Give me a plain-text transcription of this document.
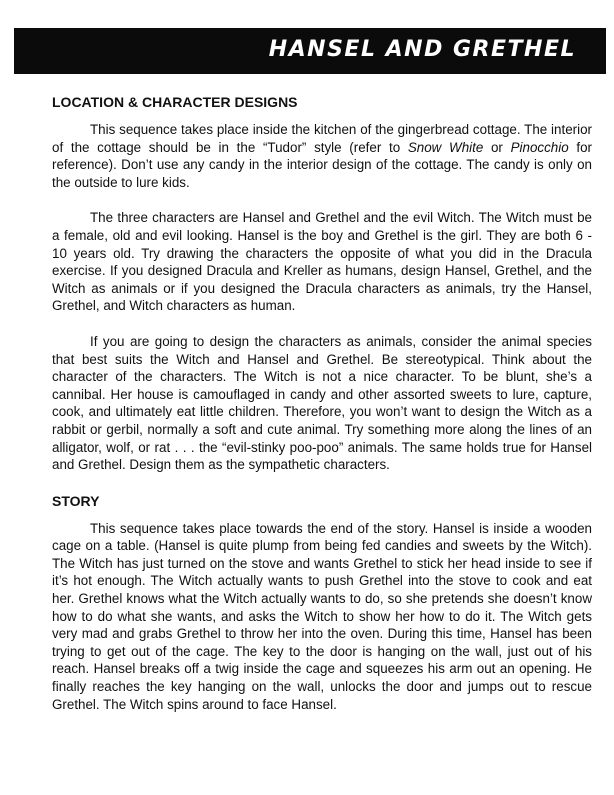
HANSEL AND GRETHEL
LOCATION & CHARACTER DESIGNS

This sequence takes place inside the kitchen of the gingerbread cottage. The interior of the cottage should be in the “Tudor” style (refer to Snow White or Pinocchio for reference). Don’t use any candy in the interior design of the cottage. The candy is only on the outside to lure kids.

The three characters are Hansel and Grethel and the evil Witch. The Witch must be a female, old and evil looking. Hansel is the boy and Grethel is the girl. They are both 6 - 10 years old. Try drawing the characters the opposite of what you did in the Dracula exercise. If you designed Dracula and Kreller as humans, design Hansel, Grethel, and the Witch as animals or if you designed the Dracula characters as animals, try the Hansel, Grethel, and Witch characters as human.

If you are going to design the characters as animals, consider the animal species that best suits the Witch and Hansel and Grethel. Be stereotypical. Think about the character of the characters. The Witch is not a nice character. To be blunt, she’s a cannibal. Her house is camouflaged in candy and other assorted sweets to lure, capture, cook, and ultimately eat little children. Therefore, you won’t want to design the Witch as a rabbit or gerbil, normally a soft and cute animal. Try something more along the lines of an alligator, wolf, or rat . . . the “evil-stinky poo-poo” animals. The same holds true for Hansel and Grethel. Design them as the sympathetic characters.

STORY

This sequence takes place towards the end of the story. Hansel is inside a wooden cage on a table. (Hansel is quite plump from being fed candies and sweets by the Witch). The Witch has just turned on the stove and wants Grethel to stick her head inside to see if it’s hot enough. The Witch actually wants to push Grethel into the stove to cook and eat her. Grethel knows what the Witch actually wants to do, so she pretends she doesn’t know how to do what she wants, and asks the Witch to show her how to do it. The Witch gets very mad and grabs Grethel to throw her into the oven. During this time, Hansel has been trying to get out of the cage. The key to the door is hanging on the wall, just out of his reach. Hansel breaks off a twig inside the cage and squeezes his arm out an opening. He finally reaches the key hanging on the wall, unlocks the door and jumps out to rescue Grethel. The Witch spins around to face Hansel.
